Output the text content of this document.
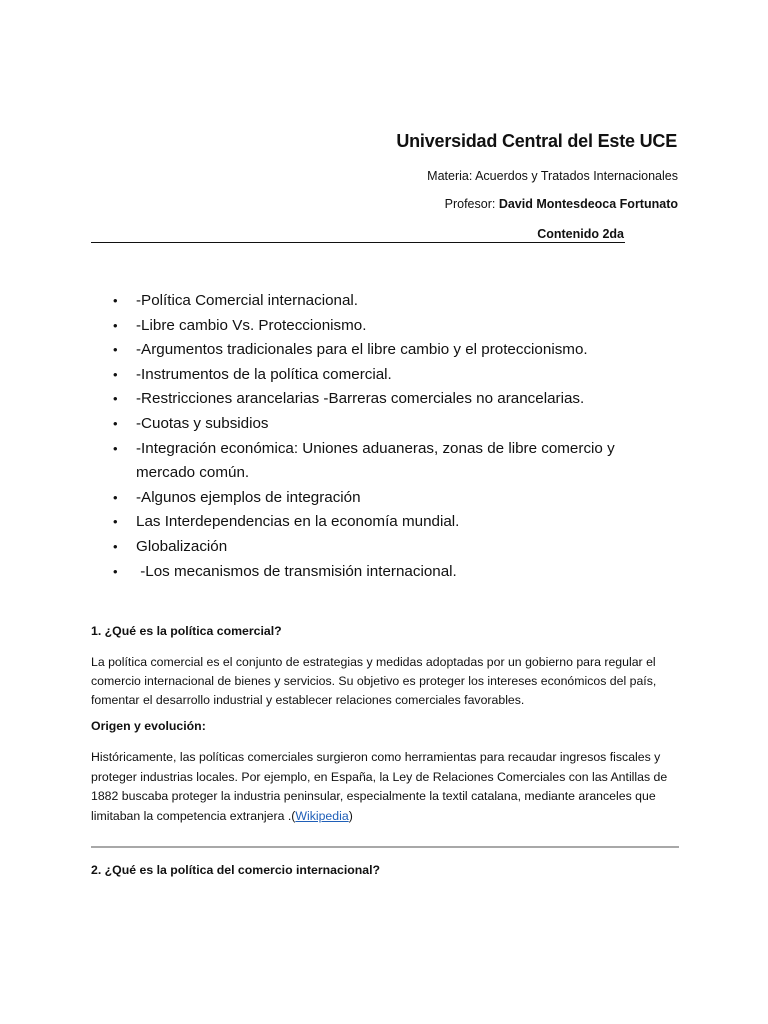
Universidad Central del Este UCE
Materia: Acuerdos y Tratados Internacionales
Profesor: David Montesdeoca Fortunato
Contenido 2da
• -Política Comercial internacional.
• -Libre cambio Vs. Proteccionismo.
• -Argumentos tradicionales para el libre cambio y el proteccionismo.
• -Instrumentos de la política comercial.
• -Restricciones arancelarias -Barreras comerciales no arancelarias.
• -Cuotas y subsidios
• -Integración económica: Uniones aduaneras, zonas de libre comercio y mercado común.
• -Algunos ejemplos de integración
• Las Interdependencias en la economía mundial.
• Globalización
• -Los mecanismos de transmisión internacional.
1. ¿Qué es la política comercial?

La política comercial es el conjunto de estrategias y medidas adoptadas por un gobierno para regular el comercio internacional de bienes y servicios. Su objetivo es proteger los intereses económicos del país, fomentar el desarrollo industrial y establecer relaciones comerciales favorables.

Origen y evolución:

Históricamente, las políticas comerciales surgieron como herramientas para recaudar ingresos fiscales y proteger industrias locales. Por ejemplo, en España, la Ley de Relaciones Comerciales con las Antillas de 1882 buscaba proteger la industria peninsular, especialmente la textil catalana, mediante aranceles que limitaban la competencia extranjera .(Wikipedia)

2. ¿Qué es la política del comercio internacional?
